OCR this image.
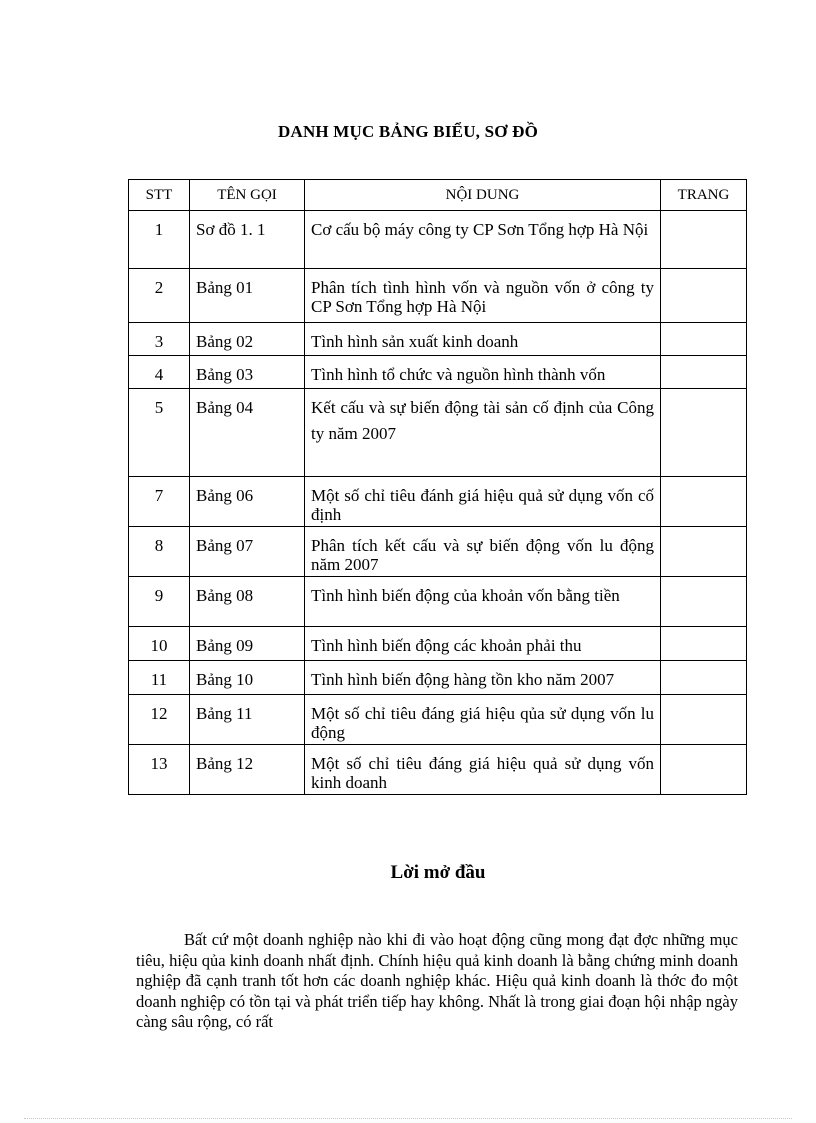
DANH MỤC BẢNG BIỂU, SƠ ĐỒ
STT	TÊN GỌI	NỘI DUNG	TRANG
1	Sơ đồ 1. 1	Cơ cấu bộ máy công ty CP Sơn Tổng hợp Hà Nội	
2	Bảng 01	Phân tích tình hình vốn và nguồn vốn ở công ty CP Sơn Tổng hợp Hà Nội	
3	Bảng 02	Tình hình sản xuất kinh doanh	
4	Bảng 03	Tình hình tổ chức và nguồn hình thành vốn	
5	Bảng 04	Kết cấu và sự biến động tài sản cố định của Công ty năm 2007	
7	Bảng 06	Một số chỉ tiêu đánh giá hiệu quả sử dụng vốn cố định	
8	Bảng 07	Phân tích kết cấu và sự biến động vốn lu động năm 2007	
9	Bảng 08	Tình hình biến động của khoản vốn bằng tiền	
10	Bảng 09	Tình hình biến động các khoản phải thu	
11	Bảng 10	Tình hình biến động hàng tồn kho năm 2007	
12	Bảng 11	Một số chỉ tiêu đáng giá hiệu qủa sử dụng vốn lu động	
13	Bảng 12	Một số chỉ tiêu đáng giá hiệu quả sử dụng vốn kinh doanh	
Lời mở đầu
Bất cứ một doanh nghiệp nào khi đi vào hoạt động cũng mong đạt đợc những mục tiêu, hiệu qủa kinh doanh nhất định. Chính hiệu quả kinh doanh là bằng chứng minh doanh nghiệp đã cạnh tranh tốt hơn các doanh nghiệp khác. Hiệu quả kinh doanh là thớc đo một doanh nghiệp có tồn tại và phát triển tiếp hay không. Nhất là trong giai đoạn hội nhập ngày càng sâu rộng, có rất
